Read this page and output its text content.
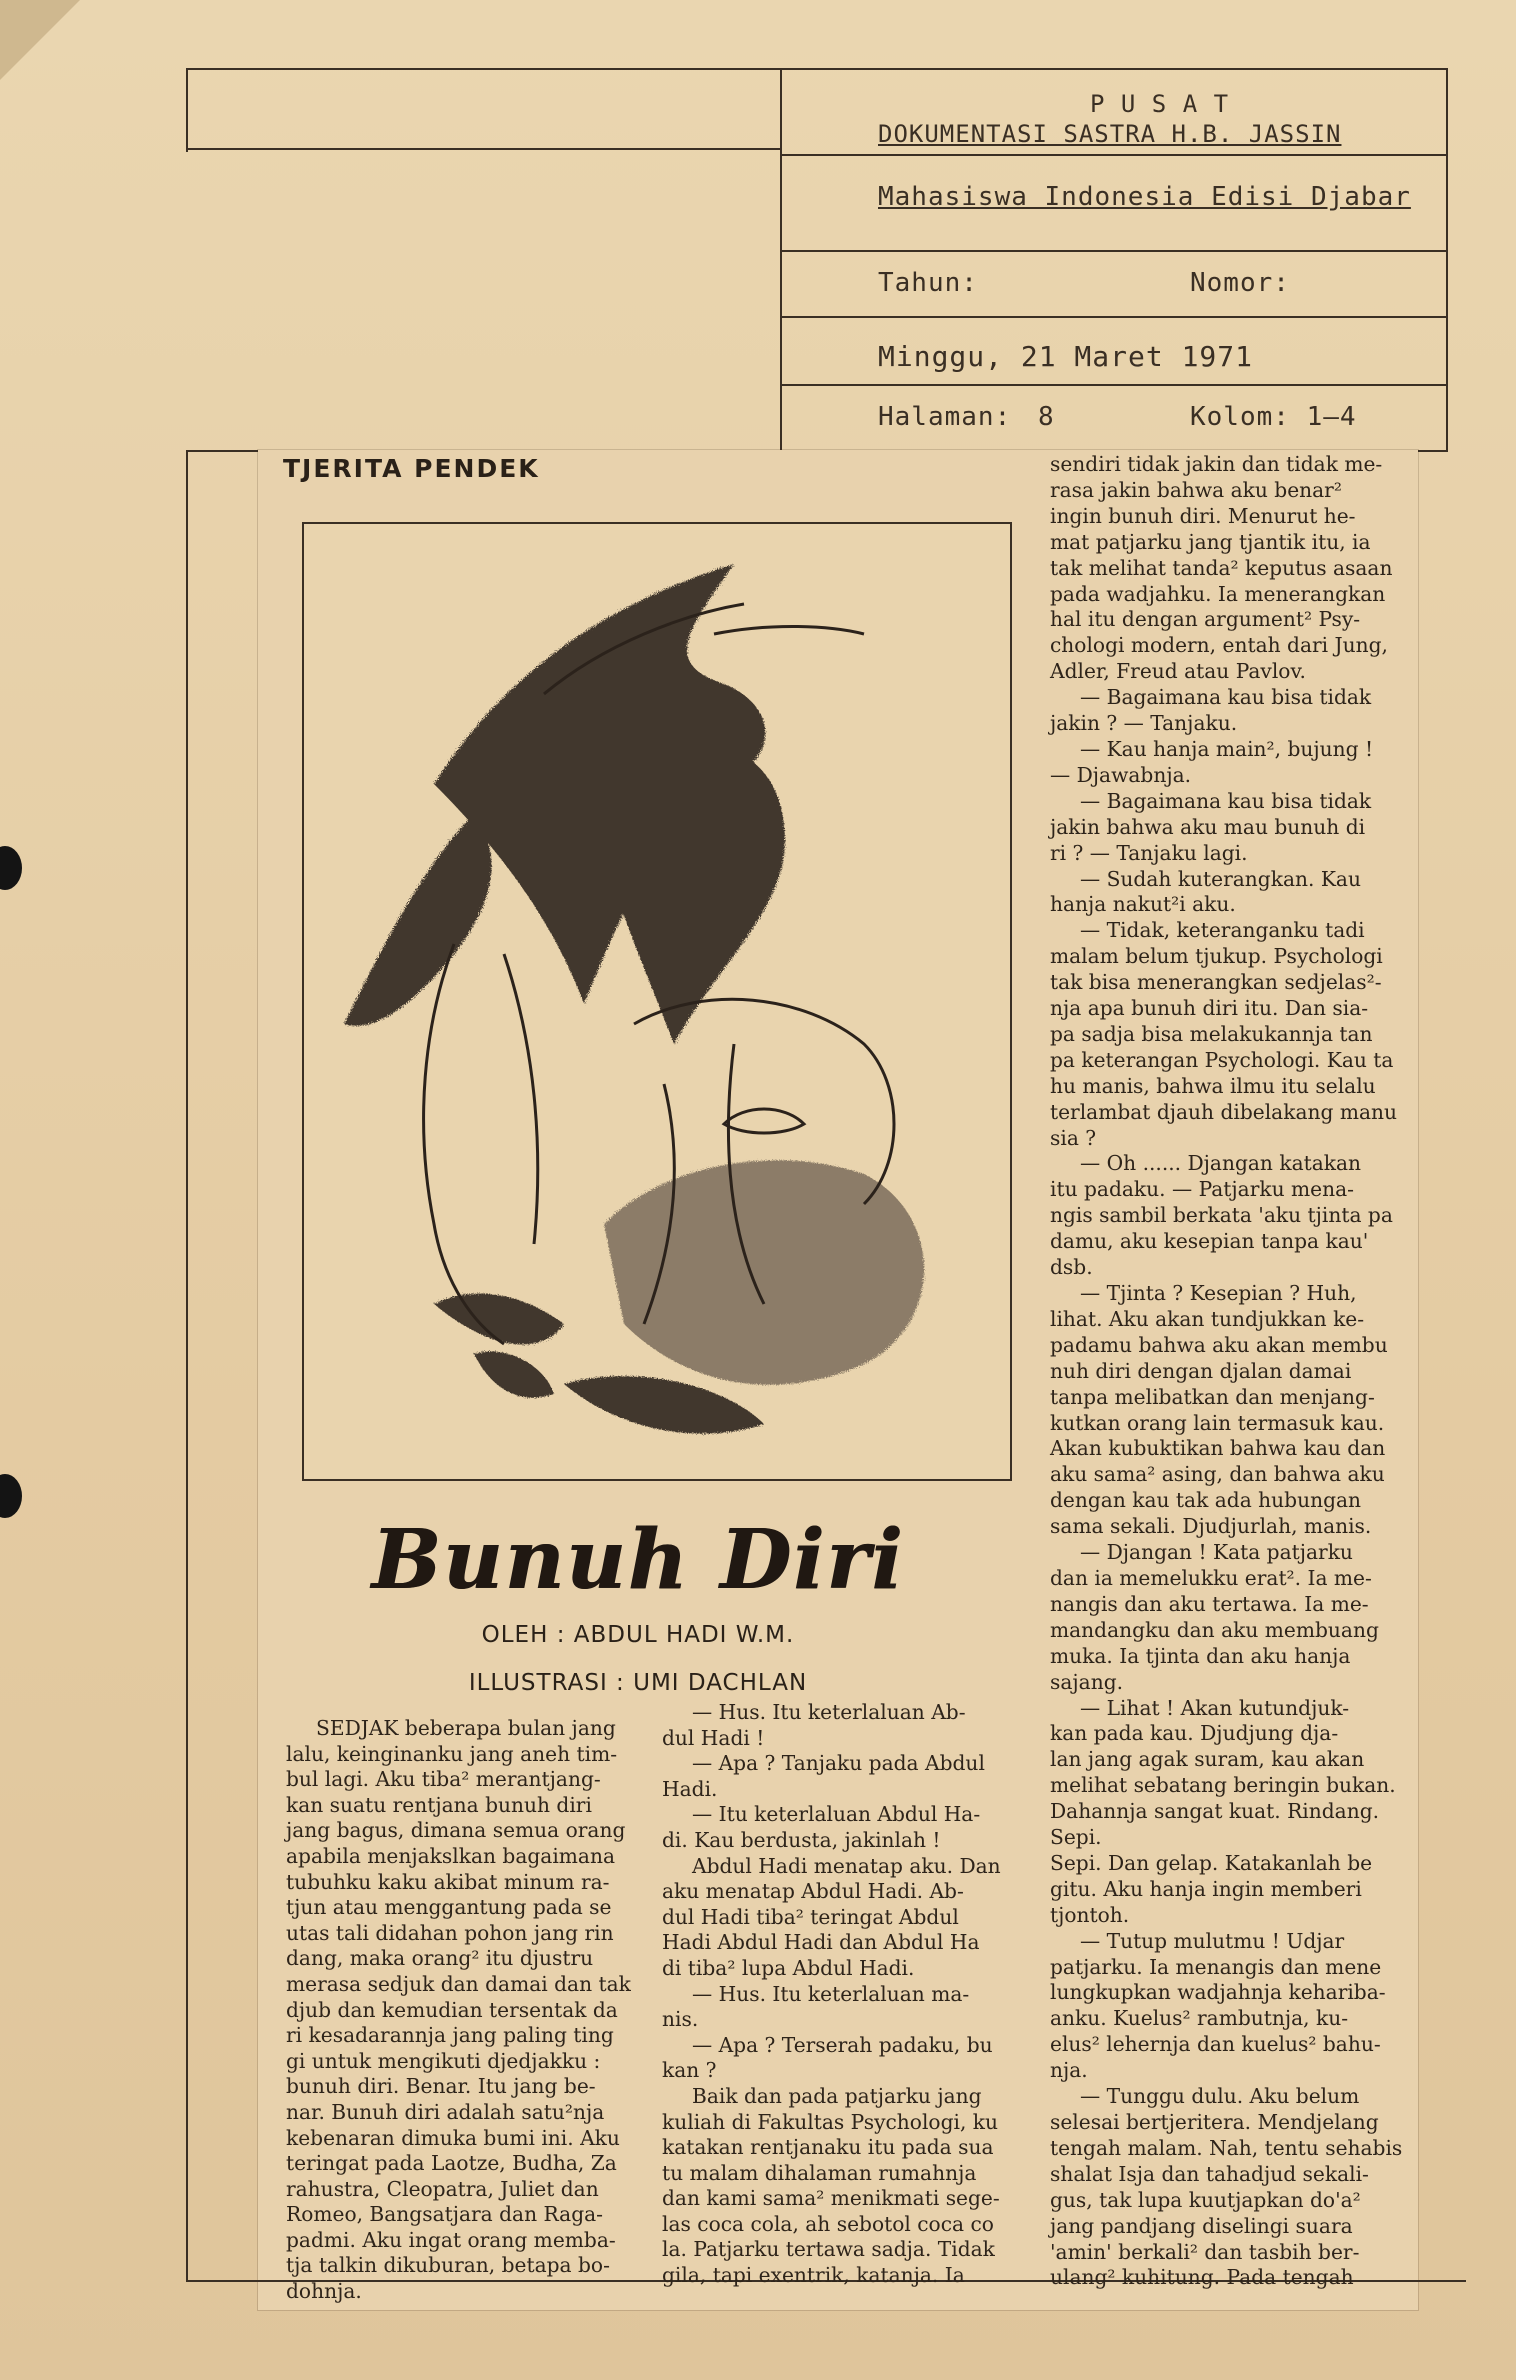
P U S A T
DOKUMENTASI SASTRA H.B. JASSIN
Mahasiswa Indonesia Edisi Djabar
Tahun:	Nomor:
Minggu, 21 Maret 1971
Halaman: 8	Kolom: 1—4
TJERITA PENDEK
Bunuh Diri
OLEH : ABDUL HADI W.M.
ILLUSTRASI : UMI DACHLAN
SEDJAK beberapa bulan jang
lalu, keinginanku jang aneh tim-
bul lagi. Aku tiba² merantjang-
kan suatu rentjana bunuh diri
jang bagus, dimana semua orang
apabila menjakslkan bagaimana
tubuhku kaku akibat minum ra-
tjun atau menggantung pada se
utas tali didahan pohon jang rin
dang, maka orang² itu djustru
merasa sedjuk dan damai dan tak
djub dan kemudian tersentak da
ri kesadarannja jang paling ting
gi untuk mengikuti djedjakku :
bunuh diri. Benar. Itu jang be-
nar. Bunuh diri adalah satu²nja
kebenaran dimuka bumi ini. Aku
teringat pada Laotze, Budha, Za
rahustra, Cleopatra, Juliet dan
Romeo, Bangsatjara dan Raga-
padmi. Aku ingat orang memba-
tja talkin dikuburan, betapa bo-
dohnja.
— Hus. Itu keterlaluan Ab-
dul Hadi !
— Apa ? Tanjaku pada Abdul
Hadi.
— Itu keterlaluan Abdul Ha-
di. Kau berdusta, jakinlah !
Abdul Hadi menatap aku. Dan
aku menatap Abdul Hadi. Ab-
dul Hadi tiba² teringat Abdul
Hadi Abdul Hadi dan Abdul Ha
di tiba² lupa Abdul Hadi.
— Hus. Itu keterlaluan ma-
nis.
— Apa ? Terserah padaku, bu
kan ?
Baik dan pada patjarku jang
kuliah di Fakultas Psychologi, ku
katakan rentjanaku itu pada sua
tu malam dihalaman rumahnja
dan kami sama² menikmati sege-
las coca cola, ah sebotol coca co
la. Patjarku tertawa sadja. Tidak
gila, tapi exentrik, katanja. Ia
sendiri tidak jakin dan tidak me-
rasa jakin bahwa aku benar²
ingin bunuh diri. Menurut he-
mat patjarku jang tjantik itu, ia
tak melihat tanda² keputus asaan
pada wadjahku. Ia menerangkan
hal itu dengan argument² Psy-
chologi modern, entah dari Jung,
Adler, Freud atau Pavlov.
— Bagaimana kau bisa tidak
jakin ? — Tanjaku.
— Kau hanja main², bujung !
— Djawabnja.
— Bagaimana kau bisa tidak
jakin bahwa aku mau bunuh di
ri ? — Tanjaku lagi.
— Sudah kuterangkan. Kau
hanja nakut²i aku.
— Tidak, keteranganku tadi
malam belum tjukup. Psychologi
tak bisa menerangkan sedjelas²-
nja apa bunuh diri itu. Dan sia-
pa sadja bisa melakukannja tan
pa keterangan Psychologi. Kau ta
hu manis, bahwa ilmu itu selalu
terlambat djauh dibelakang manu
sia ?
— Oh ...... Djangan katakan
itu padaku. — Patjarku mena-
ngis sambil berkata 'aku tjinta pa
damu, aku kesepian tanpa kau'
dsb.
— Tjinta ? Kesepian ? Huh,
lihat. Aku akan tundjukkan ke-
padamu bahwa aku akan membu
nuh diri dengan djalan damai
tanpa melibatkan dan menjang-
kutkan orang lain termasuk kau.
Akan kubuktikan bahwa kau dan
aku sama² asing, dan bahwa aku
dengan kau tak ada hubungan
sama sekali. Djudjurlah, manis.
— Djangan ! Kata patjarku
dan ia memelukku erat². Ia me-
nangis dan aku tertawa. Ia me-
mandangku dan aku membuang
muka. Ia tjinta dan aku hanja
sajang.
— Lihat ! Akan kutundjuk-
kan pada kau. Djudjung dja-
lan jang agak suram, kau akan
melihat sebatang beringin bukan.
Dahannja sangat kuat. Rindang.
Sepi.
Sepi. Dan gelap. Katakanlah be
gitu. Aku hanja ingin memberi
tjontoh.
— Tutup mulutmu ! Udjar
patjarku. Ia menangis dan mene
lungkupkan wadjahnja kehariba-
anku. Kuelus² rambutnja, ku-
elus² lehernja dan kuelus² bahu-
nja.
— Tunggu dulu. Aku belum
selesai bertjeritera. Mendjelang
tengah malam. Nah, tentu sehabis
shalat Isja dan tahadjud sekali-
gus, tak lupa kuutjapkan do'a²
jang pandjang diselingi suara
'amin' berkali² dan tasbih ber-
ulang² kuhitung. Pada tengah
